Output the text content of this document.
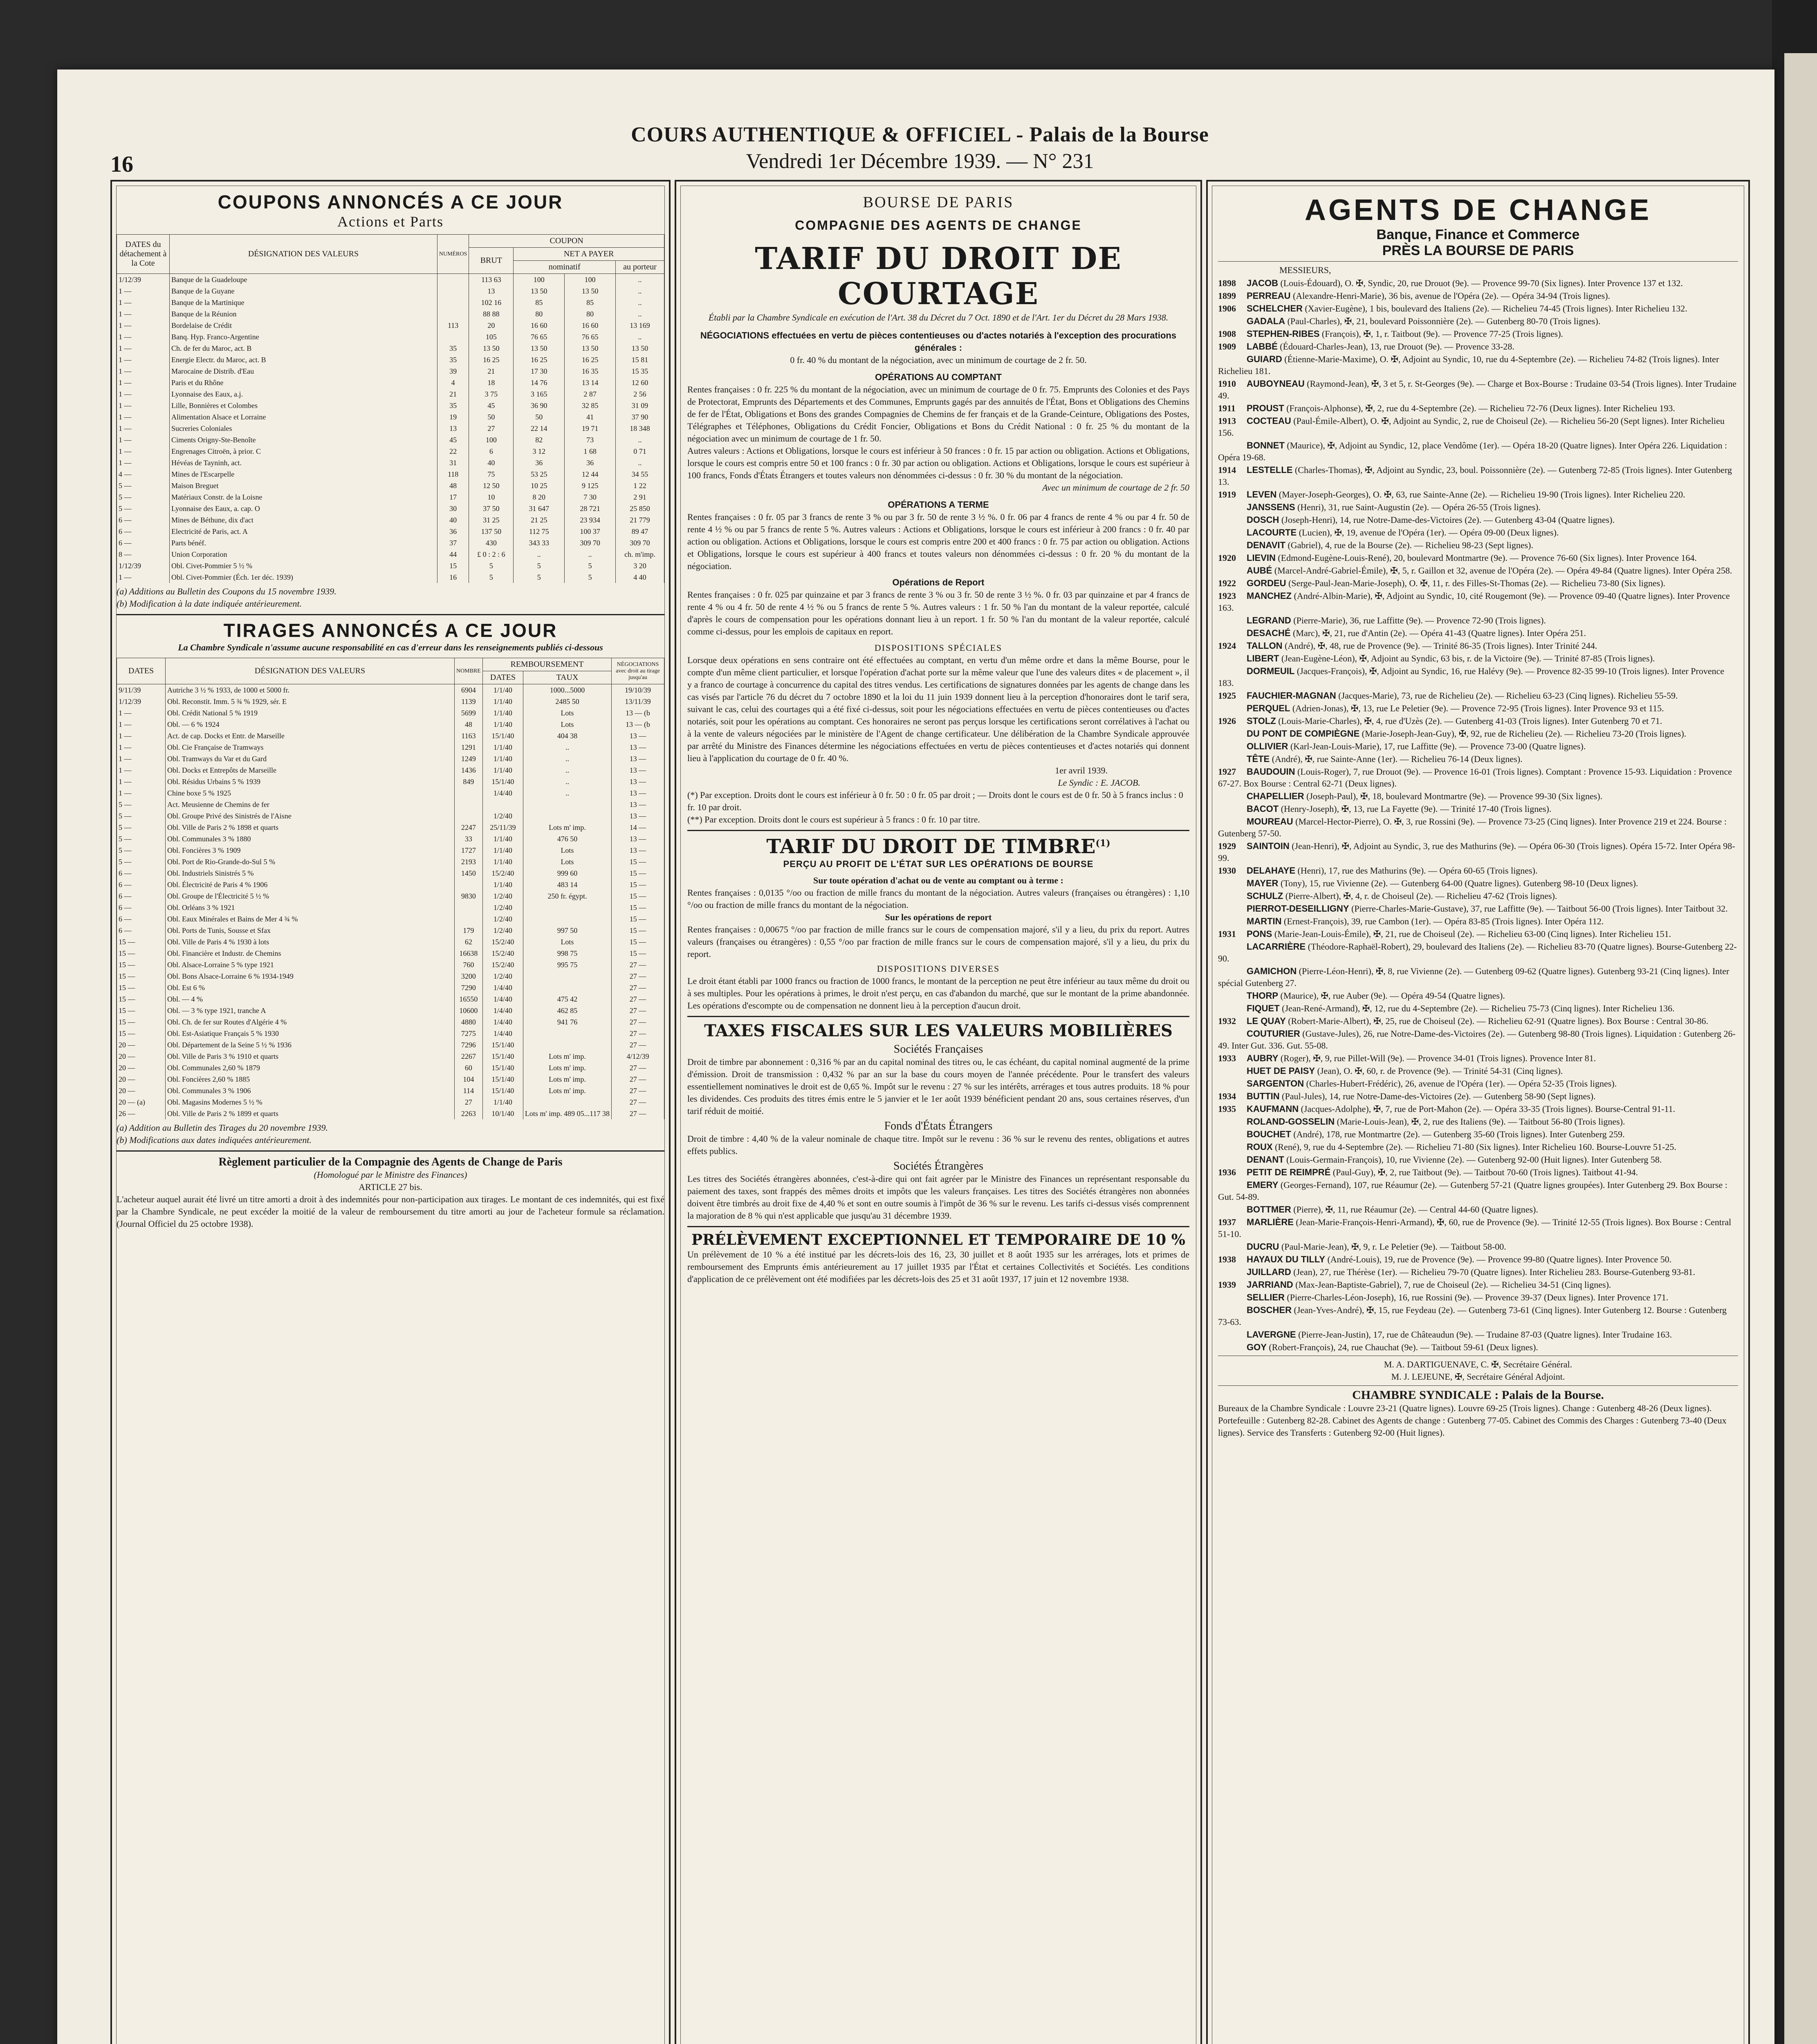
16
COURS AUTHENTIQUE & OFFICIEL - Palais de la Bourse
Vendredi 1er Décembre 1939. — N° 231
COUPONS ANNONCÉS A CE JOUR
Actions et Parts
DATES du détachement à la Cote	DÉSIGNATION DES VALEURS	NUMÉROS	COUPON			
			BRUT	NET A PAYER		
				nominatif		au porteur
1/12/39	Banque de la Guadeloupe		113 63	100	100	..
1 —	Banque de la Guyane		13	13 50	13 50	..
1 —	Banque de la Martinique		102 16	85	85	..
1 —	Banque de la Réunion		88 88	80	80	..
1 —	Bordelaise de Crédit	113	20	16 60	16 60	13 169
1 —	Banq. Hyp. Franco-Argentine		105	76 65	76 65	..
1 —	Ch. de fer du Maroc, act. B	35	13 50	13 50	13 50	13 50
1 —	Energie Electr. du Maroc, act. B	35	16 25	16 25	16 25	15 81
1 —	Marocaine de Distrib. d'Eau	39	21	17 30	16 35	15 35
1 —	Paris et du Rhône	4	18	14 76	13 14	12 60
1 —	Lyonnaise des Eaux, a.j.	21	3 75	3 165	2 87	2 56
1 —	Lille, Bonnières et Colombes	35	45	36 90	32 85	31 09
1 —	Alimentation Alsace et Lorraine	19	50	50	41	37 90
1 —	Sucreries Coloniales	13	27	22 14	19 71	18 348
1 —	Ciments Origny-Ste-Benoîte	45	100	82	73	..
1 —	Engrenages Citroën, à prior. C	22	6	3 12	1 68	0 71
1 —	Hévéas de Tayninh, act.	31	40	36	36	..
4 —	Mines de l'Escarpelle	118	75	53 25	12 44	34 55
5 —	Maison Breguet	48	12 50	10 25	9 125	1 22
5 —	Matériaux Constr. de la Loisne	17	10	8 20	7 30	2 91
5 —	Lyonnaise des Eaux, a. cap. O	30	37 50	31 647	28 721	25 850
6 —	Mines de Béthune, dix d'act	40	31 25	21 25	23 934	21 779
6 —	Electricité de Paris, act. A	36	137 50	112 75	100 37	89 47
6 —	Parts bénéf.	37	430	343 33	309 70	309 70
8 —	Union Corporation	44	£ 0 : 2 : 6	..	..	ch. m'imp.
1/12/39	Obl. Civet-Pommier 5 ½ %	15	5	5	5	3 20
1 —	Obl. Civet-Pommier (Éch. 1er déc. 1939)	16	5	5	5	4 40
(a) Additions au Bulletin des Coupons du 15 novembre 1939.
(b) Modification à la date indiquée antérieurement.
TIRAGES ANNONCÉS A CE JOUR
La Chambre Syndicale n'assume aucune responsabilité en cas d'erreur dans les renseignements publiés ci-dessous
DATES	DÉSIGNATION DES VALEURS	NOMBRE	REMBOURSEMENT		NÉGOCIATIONS avec droit au tirage jusqu'au
			DATES	TAUX	
9/11/39	Autriche 3 ½ % 1933, de 1000 et 5000 fr.	6904	1/1/40	1000...5000	19/10/39
1/12/39	Obl. Reconstit. Imm. 5 ¾ % 1929, sér. E	1139	1/1/40	2485 50	13/11/39
1 —	Obl. Crédit National 5 % 1919	5699	1/1/40	Lots	13 — (b
1 —	Obl. — 6 % 1924	48	1/1/40	Lots	13 — (b
1 —	Act. de cap. Docks et Entr. de Marseille	1163	15/1/40	404 38	13 —
1 —	Obl. Cie Française de Tramways	1291	1/1/40	..	13 —
1 —	Obl. Tramways du Var et du Gard	1249	1/1/40	..	13 —
1 —	Obl. Docks et Entrepôts de Marseille	1436	1/1/40	..	13 —
1 —	Obl. Résidus Urbains 5 % 1939	849	15/1/40	..	13 —
1 —	Chine boxe 5 % 1925		1/4/40	..	13 —
5 —	Act. Meusienne de Chemins de fer				13 —
5 —	Obl. Groupe Privé des Sinistrés de l'Aisne		1/2/40		13 —
5 —	Obl. Ville de Paris 2 % 1898 et quarts	2247	25/11/39	Lots m' imp.	14 —
5 —	Obl. Communales 3 % 1880	33	1/1/40	476 50	13 —
5 —	Obl. Foncières 3 % 1909	1727	1/1/40	Lots	13 —
5 —	Obl. Port de Rio-Grande-do-Sul 5 %	2193	1/1/40	Lots	15 —
6 —	Obl. Industriels Sinistrés 5 %	1450	15/2/40	999 60	15 —
6 —	Obl. Électricité de Paris 4 % 1906		1/1/40	483 14	15 —
6 —	Obl. Groupe de l'Électricité 5 ½ %	9830	1/2/40	250 fr. égypt.	15 —
6 —	Obl. Orléans 3 % 1921		1/2/40		15 —
6 —	Obl. Eaux Minérales et Bains de Mer 4 ¾ %		1/2/40		15 —
6 —	Obl. Ports de Tunis, Sousse et Sfax	179	1/2/40	997 50	15 —
15 —	Obl. Ville de Paris 4 % 1930 à lots	62	15/2/40	Lots	15 —
15 —	Obl. Financière et Industr. de Chemins	16638	15/2/40	998 75	15 —
15 —	Obl. Alsace-Lorraine 5 % type 1921	760	15/2/40	995 75	27 —
15 —	Obl. Bons Alsace-Lorraine 6 % 1934-1949	3200	1/2/40		27 —
15 —	Obl. Est 6 %	7290	1/4/40		27 —
15 —	Obl. — 4 %	16550	1/4/40	475 42	27 —
15 —	Obl. — 3 % type 1921, tranche A	10600	1/4/40	462 85	27 —
15 —	Obl. Ch. de fer sur Routes d'Algérie 4 %	4880	1/4/40	941 76	27 —
15 —	Obl. Est-Asiatique Français 5 % 1930	7275	1/4/40		27 —
20 —	Obl. Département de la Seine 5 ½ % 1936	7296	15/1/40		27 —
20 —	Obl. Ville de Paris 3 % 1910 et quarts	2267	15/1/40	Lots m' imp.	4/12/39
20 —	Obl. Communales 2,60 % 1879	60	15/1/40	Lots m' imp.	27 —
20 —	Obl. Foncières 2,60 % 1885	104	15/1/40	Lots m' imp.	27 —
20 —	Obl. Communales 3 % 1906	114	15/1/40	Lots m' imp.	27 —
20 — (a)	Obl. Magasins Modernes 5 ½ %	27	1/1/40		27 —
26 —	Obl. Ville de Paris 2 % 1899 et quarts	2263	10/1/40	Lots m' imp. 489 05...117 38	27 —
(a) Addition au Bulletin des Tirages du 20 novembre 1939.
(b) Modifications aux dates indiquées antérieurement.
Règlement particulier de la Compagnie des Agents de Change de Paris
(Homologué par le Ministre des Finances)
ARTICLE 27 bis.
L'acheteur auquel aurait été livré un titre amorti a droit à des indemnités pour non-participation aux tirages. Le montant de ces indemnités, qui est fixé par la Chambre Syndicale, ne peut excéder la moitié de la valeur de remboursement du titre amorti au jour de l'acheteur formule sa réclamation. (Journal Officiel du 25 octobre 1938).
BOURSE DE PARIS
COMPAGNIE DES AGENTS DE CHANGE
TARIF DU DROIT DE COURTAGE
Établi par la Chambre Syndicale en exécution de l'Art. 38 du Décret du 7 Oct. 1890 et de l'Art. 1er du Décret du 28 Mars 1938.
NÉGOCIATIONS effectuées en vertu de pièces contentieuses ou d'actes notariés à l'exception des procurations générales :
0 fr. 40 % du montant de la négociation, avec un minimum de courtage de 2 fr. 50.
OPÉRATIONS AU COMPTANT
Rentes françaises : 0 fr. 225 % du montant de la négociation, avec un minimum de courtage de 0 fr. 75. Emprunts des Colonies et des Pays de Protectorat, Emprunts des Départements et des Communes, Emprunts gagés par des annuités de l'État, Bons et Obligations des Chemins de fer de l'État, Obligations et Bons des grandes Compagnies de Chemins de fer français et de la Grande-Ceinture, Obligations des Postes, Télégraphes et Téléphones, Obligations du Crédit Foncier, Obligations et Bons du Crédit National : 0 fr. 25 % du montant de la négociation avec un minimum de courtage de 1 fr. 50.
Autres valeurs : Actions et Obligations, lorsque le cours est inférieur à 50 frances : 0 fr. 15 par action ou obligation. Actions et Obligations, lorsque le cours est compris entre 50 et 100 francs : 0 fr. 30 par action ou obligation. Actions et Obligations, lorsque le cours est supérieur à 100 francs, Fonds d'États Étrangers et toutes valeurs non dénommées ci-dessus : 0 fr. 30 % du montant de la négociation.
Avec un minimum de courtage de 2 fr. 50
OPÉRATIONS A TERME
Rentes françaises : 0 fr. 05 par 3 francs de rente 3 % ou par 3 fr. 50 de rente 3 ½ %. 0 fr. 06 par 4 francs de rente 4 % ou par 4 fr. 50 de rente 4 ½ % ou par 5 francs de rente 5 %. Autres valeurs : Actions et Obligations, lorsque le cours est inférieur à 200 francs : 0 fr. 40 par action ou obligation. Actions et Obligations, lorsque le cours est compris entre 200 et 400 francs : 0 fr. 75 par action ou obligation. Actions et Obligations, lorsque le cours est supérieur à 400 francs et toutes valeurs non dénommées ci-dessus : 0 fr. 20 % du montant de la négociation.
Opérations de Report
Rentes françaises : 0 fr. 025 par quinzaine et par 3 francs de rente 3 % ou 3 fr. 50 de rente 3 ½ %. 0 fr. 03 par quinzaine et par 4 francs de rente 4 % ou 4 fr. 50 de rente 4 ½ % ou 5 francs de rente 5 %. Autres valeurs : 1 fr. 50 % l'an du montant de la valeur reportée, calculé d'après le cours de compensation pour les opérations donnant lieu à un report. 1 fr. 50 % l'an du montant de la valeur reportée, calculé comme ci-dessus, pour les emplois de capitaux en report.
DISPOSITIONS SPÉCIALES
Lorsque deux opérations en sens contraire ont été effectuées au comptant, en vertu d'un même ordre et dans la même Bourse, pour le compte d'un même client particulier, et lorsque l'opération d'achat porte sur la même valeur que l'une des valeurs dites « de placement », il y a franco de courtage à concurrence du capital des titres vendus. Les certifications de signatures données par les agents de change dans les cas visés par l'article 76 du décret du 7 octobre 1890 et la loi du 11 juin 1939 donnent lieu à la perception d'honoraires dont le tarif sera, suivant le cas, celui des courtages qui a été fixé ci-dessus, soit pour les négociations effectuées en vertu de pièces contentieuses ou d'actes notariés, soit pour les opérations au comptant. Ces honoraires ne seront pas perçus lorsque les certifications seront corrélatives à l'achat ou à la vente de valeurs négociées par le ministère de l'Agent de change certificateur. Une délibération de la Chambre Syndicale approuvée par arrêté du Ministre des Finances détermine les négociations effectuées en vertu de pièces contentieuses et d'actes notariés qui donnent lieu à l'application du courtage de 0 fr. 40 %.
1er avril 1939.
Le Syndic : E. JACOB.
(*) Par exception. Droits dont le cours est inférieur à 0 fr. 50 : 0 fr. 05 par droit ; — Droits dont le cours est de 0 fr. 50 à 5 francs inclus : 0 fr. 10 par droit.
(**) Par exception. Droits dont le cours est supérieur à 5 francs : 0 fr. 10 par titre.
TARIF DU DROIT DE TIMBRE$^{(1)}$
PERÇU AU PROFIT DE L'ÉTAT SUR LES OPÉRATIONS DE BOURSE
Sur toute opération d'achat ou de vente au comptant ou à terme :
Rentes françaises : 0,0135 °/oo ou fraction de mille francs du montant de la négociation. Autres valeurs (françaises ou étrangères) : 1,10 °/oo ou fraction de mille francs du montant de la négociation.
Sur les opérations de report
Rentes françaises : 0,00675 °/oo par fraction de mille francs sur le cours de compensation majoré, s'il y a lieu, du prix du report. Autres valeurs (françaises ou étrangères) : 0,55 °/oo par fraction de mille francs sur le cours de compensation majoré, s'il y a lieu, du prix du report.
DISPOSITIONS DIVERSES
Le droit étant établi par 1000 francs ou fraction de 1000 francs, le montant de la perception ne peut être inférieur au taux même du droit ou à ses multiples. Pour les opérations à primes, le droit n'est perçu, en cas d'abandon du marché, que sur le montant de la prime abandonnée. Les opérations d'escompte ou de compensation ne donnent lieu à la perception d'aucun droit.
TAXES FISCALES SUR LES VALEURS MOBILIÈRES
Sociétés Françaises
Droit de timbre par abonnement : 0,316 % par an du capital nominal des titres ou, le cas échéant, du capital nominal augmenté de la prime d'émission. Droit de transmission : 0,432 % par an sur la base du cours moyen de l'année précédente. Pour le transfert des valeurs essentiellement nominatives le droit est de 0,65 %. Impôt sur le revenu : 27 % sur les intérêts, arrérages et tous autres produits. 18 % pour les dividendes. Ces produits des titres émis entre le 5 janvier et le 1er août 1939 bénéficient pendant 20 ans, sous certaines réserves, d'un tarif réduit de moitié.
Fonds d'États Étrangers
Droit de timbre : 4,40 % de la valeur nominale de chaque titre. Impôt sur le revenu : 36 % sur le revenu des rentes, obligations et autres effets publics.
Sociétés Étrangères
Les titres des Sociétés étrangères abonnées, c'est-à-dire qui ont fait agréer par le Ministre des Finances un représentant responsable du paiement des taxes, sont frappés des mêmes droits et impôts que les valeurs françaises. Les titres des Sociétés étrangères non abonnées doivent être timbrés au droit fixe de 4,40 % et sont en outre soumis à l'impôt de 36 % sur le revenu. Les tarifs ci-dessus visés comprennent la majoration de 8 % qui n'est applicable que jusqu'au 31 décembre 1939.
PRÉLÈVEMENT EXCEPTIONNEL ET TEMPORAIRE DE 10 %
Un prélèvement de 10 % a été institué par les décrets-lois des 16, 23, 30 juillet et 8 août 1935 sur les arrérages, lots et primes de remboursement des Emprunts émis antérieurement au 17 juillet 1935 par l'État et certaines Collectivités et Sociétés. Les conditions d'application de ce prélèvement ont été modifiées par les décrets-lois des 25 et 31 août 1937, 17 juin et 12 novembre 1938.
AGENTS DE CHANGE
Banque, Finance et Commerce
PRÈS LA BOURSE DE PARIS
MESSIEURS,
1898 JACOB (Louis-Édouard), O. ✠, Syndic, 20, rue Drouot (9e). — Provence 99-70 (Six lignes). Inter Provence 137 et 132.
1899 PERREAU (Alexandre-Henri-Marie), 36 bis, avenue de l'Opéra (2e). — Opéra 34-94 (Trois lignes).
1906 SCHELCHER (Xavier-Eugène), 1 bis, boulevard des Italiens (2e). — Richelieu 74-45 (Trois lignes). Inter Richelieu 132.
GADALA (Paul-Charles), ✠, 21, boulevard Poissonnière (2e). — Gutenberg 80-70 (Trois lignes).
1908 STEPHEN-RIBES (François), ✠, 1, r. Taitbout (9e). — Provence 77-25 (Trois lignes).
1909 LABBÉ (Édouard-Charles-Jean), 13, rue Drouot (9e). — Provence 33-28.
GUIARD (Étienne-Marie-Maxime), O. ✠, Adjoint au Syndic, 10, rue du 4-Septembre (2e). — Richelieu 74-82 (Trois lignes). Inter Richelieu 181.
1910 AUBOYNEAU (Raymond-Jean), ✠, 3 et 5, r. St-Georges (9e). — Charge et Box-Bourse : Trudaine 03-54 (Trois lignes). Inter Trudaine 49.
1911 PROUST (François-Alphonse), ✠, 2, rue du 4-Septembre (2e). — Richelieu 72-76 (Deux lignes). Inter Richelieu 193.
1913 COCTEAU (Paul-Émile-Albert), O. ✠, Adjoint au Syndic, 2, rue de Choiseul (2e). — Richelieu 56-20 (Sept lignes). Inter Richelieu 156.
BONNET (Maurice), ✠, Adjoint au Syndic, 12, place Vendôme (1er). — Opéra 18-20 (Quatre lignes). Inter Opéra 226. Liquidation : Opéra 19-68.
1914 LESTELLE (Charles-Thomas), ✠, Adjoint au Syndic, 23, boul. Poissonnière (2e). — Gutenberg 72-85 (Trois lignes). Inter Gutenberg 13.
1919 LEVEN (Mayer-Joseph-Georges), O. ✠, 63, rue Sainte-Anne (2e). — Richelieu 19-90 (Trois lignes). Inter Richelieu 220.
JANSSENS (Henri), 31, rue Saint-Augustin (2e). — Opéra 26-55 (Trois lignes).
DOSCH (Joseph-Henri), 14, rue Notre-Dame-des-Victoires (2e). — Gutenberg 43-04 (Quatre lignes).
LACOURTE (Lucien), ✠, 19, avenue de l'Opéra (1er). — Opéra 09-00 (Deux lignes).
DENAVIT (Gabriel), 4, rue de la Bourse (2e). — Richelieu 98-23 (Sept lignes).
1920 LIEVIN (Edmond-Eugène-Louis-René), 20, boulevard Montmartre (9e). — Provence 76-60 (Six lignes). Inter Provence 164.
AUBÉ (Marcel-André-Gabriel-Émile), ✠, 5, r. Gaillon et 32, avenue de l'Opéra (2e). — Opéra 49-84 (Quatre lignes). Inter Opéra 258.
1922 GORDEU (Serge-Paul-Jean-Marie-Joseph), O. ✠, 11, r. des Filles-St-Thomas (2e). — Richelieu 73-80 (Six lignes).
1923 MANCHEZ (André-Albin-Marie), ✠, Adjoint au Syndic, 10, cité Rougemont (9e). — Provence 09-40 (Quatre lignes). Inter Provence 163.
LEGRAND (Pierre-Marie), 36, rue Laffitte (9e). — Provence 72-90 (Trois lignes).
DESACHÉ (Marc), ✠, 21, rue d'Antin (2e). — Opéra 41-43 (Quatre lignes). Inter Opéra 251.
1924 TALLON (André), ✠, 48, rue de Provence (9e). — Trinité 86-35 (Trois lignes). Inter Trinité 244.
LIBERT (Jean-Eugène-Léon), ✠, Adjoint au Syndic, 63 bis, r. de la Victoire (9e). — Trinité 87-85 (Trois lignes).
DORMEUIL (Jacques-François), ✠, Adjoint au Syndic, 16, rue Halévy (9e). — Provence 82-35 99-10 (Trois lignes). Inter Provence 183.
1925 FAUCHIER-MAGNAN (Jacques-Marie), 73, rue de Richelieu (2e). — Richelieu 63-23 (Cinq lignes). Richelieu 55-59.
PERQUEL (Adrien-Jonas), ✠, 13, rue Le Peletier (9e). — Provence 72-95 (Trois lignes). Inter Provence 93 et 115.
1926 STOLZ (Louis-Marie-Charles), ✠, 4, rue d'Uzès (2e). — Gutenberg 41-03 (Trois lignes). Inter Gutenberg 70 et 71.
DU PONT DE COMPIÈGNE (Marie-Joseph-Jean-Guy), ✠, 92, rue de Richelieu (2e). — Richelieu 73-20 (Trois lignes).
OLLIVIER (Karl-Jean-Louis-Marie), 17, rue Laffitte (9e). — Provence 73-00 (Quatre lignes).
TÊTE (André), ✠, rue Sainte-Anne (1er). — Richelieu 76-14 (Deux lignes).
1927 BAUDOUIN (Louis-Roger), 7, rue Drouot (9e). — Provence 16-01 (Trois lignes). Comptant : Provence 15-93. Liquidation : Provence 67-27. Box Bourse : Central 62-71 (Deux lignes).
CHAPELLIER (Joseph-Paul), ✠, 18, boulevard Montmartre (9e). — Provence 99-30 (Six lignes).
BACOT (Henry-Joseph), ✠, 13, rue La Fayette (9e). — Trinité 17-40 (Trois lignes).
MOUREAU (Marcel-Hector-Pierre), O. ✠, 3, rue Rossini (9e). — Provence 73-25 (Cinq lignes). Inter Provence 219 et 224. Bourse : Gutenberg 57-50.
1929 SAINTOIN (Jean-Henri), ✠, Adjoint au Syndic, 3, rue des Mathurins (9e). — Opéra 06-30 (Trois lignes). Opéra 15-72. Inter Opéra 98-99.
1930 DELAHAYE (Henri), 17, rue des Mathurins (9e). — Opéra 60-65 (Trois lignes).
MAYER (Tony), 15, rue Vivienne (2e). — Gutenberg 64-00 (Quatre lignes). Gutenberg 98-10 (Deux lignes).
SCHULZ (Pierre-Albert), ✠, 4, r. de Choiseul (2e). — Richelieu 47-62 (Trois lignes).
PIERROT-DESEILLIGNY (Pierre-Charles-Marie-Gustave), 37, rue Laffitte (9e). — Taitbout 56-00 (Trois lignes). Inter Taitbout 32.
MARTIN (Ernest-François), 39, rue Cambon (1er). — Opéra 83-85 (Trois lignes). Inter Opéra 112.
1931 PONS (Marie-Jean-Louis-Émile), ✠, 21, rue de Choiseul (2e). — Richelieu 63-00 (Cinq lignes). Inter Richelieu 151.
LACARRIÈRE (Théodore-Raphaël-Robert), 29, boulevard des Italiens (2e). — Richelieu 83-70 (Quatre lignes). Bourse-Gutenberg 22-90.
GAMICHON (Pierre-Léon-Henri), ✠, 8, rue Vivienne (2e). — Gutenberg 09-62 (Quatre lignes). Gutenberg 93-21 (Cinq lignes). Inter spécial Gutenberg 27.
THORP (Maurice), ✠, rue Auber (9e). — Opéra 49-54 (Quatre lignes).
FIQUET (Jean-René-Armand), ✠, 12, rue du 4-Septembre (2e). — Richelieu 75-73 (Cinq lignes). Inter Richelieu 136.
1932 LE QUAY (Robert-Marie-Albert), ✠, 25, rue de Choiseul (2e). — Richelieu 62-91 (Quatre lignes). Box Bourse : Central 30-86.
COUTURIER (Gustave-Jules), 26, rue Notre-Dame-des-Victoires (2e). — Gutenberg 98-80 (Trois lignes). Liquidation : Gutenberg 26-49. Inter Gut. 336. Gut. 55-08.
1933 AUBRY (Roger), ✠, 9, rue Pillet-Will (9e). — Provence 34-01 (Trois lignes). Provence Inter 81.
HUET DE PAISY (Jean), O. ✠, 60, r. de Provence (9e). — Trinité 54-31 (Cinq lignes).
SARGENTON (Charles-Hubert-Frédéric), 26, avenue de l'Opéra (1er). — Opéra 52-35 (Trois lignes).
1934 BUTTIN (Paul-Jules), 14, rue Notre-Dame-des-Victoires (2e). — Gutenberg 58-90 (Sept lignes).
1935 KAUFMANN (Jacques-Adolphe), ✠, 7, rue de Port-Mahon (2e). — Opéra 33-35 (Trois lignes). Bourse-Central 91-11.
ROLAND-GOSSELIN (Marie-Louis-Jean), ✠, 2, rue des Italiens (9e). — Taitbout 56-80 (Trois lignes).
BOUCHET (André), 178, rue Montmartre (2e). — Gutenberg 35-60 (Trois lignes). Inter Gutenberg 259.
ROUX (René), 9, rue du 4-Septembre (2e). — Richelieu 71-80 (Six lignes). Inter Richelieu 160. Bourse-Louvre 51-25.
DENANT (Louis-Germain-François), 10, rue Vivienne (2e). — Gutenberg 92-00 (Huit lignes). Inter Gutenberg 58.
1936 PETIT DE REIMPRÉ (Paul-Guy), ✠, 2, rue Taitbout (9e). — Taitbout 70-60 (Trois lignes). Taitbout 41-94.
EMERY (Georges-Fernand), 107, rue Réaumur (2e). — Gutenberg 57-21 (Quatre lignes groupées). Inter Gutenberg 29. Box Bourse : Gut. 54-89.
BOTTMER (Pierre), ✠, 11, rue Réaumur (2e). — Central 44-60 (Quatre lignes).
1937 MARLIÈRE (Jean-Marie-François-Henri-Armand), ✠, 60, rue de Provence (9e). — Trinité 12-55 (Trois lignes). Box Bourse : Central 51-10.
DUCRU (Paul-Marie-Jean), ✠, 9, r. Le Peletier (9e). — Taitbout 58-00.
1938 HAYAUX DU TILLY (André-Louis), 19, rue de Provence (9e). — Provence 99-80 (Quatre lignes). Inter Provence 50.
JUILLARD (Jean), 27, rue Thérèse (1er). — Richelieu 79-70 (Quatre lignes). Inter Richelieu 283. Bourse-Gutenberg 93-81.
1939 JARRIAND (Max-Jean-Baptiste-Gabriel), 7, rue de Choiseul (2e). — Richelieu 34-51 (Cinq lignes).
SELLIER (Pierre-Charles-Léon-Joseph), 16, rue Rossini (9e). — Provence 39-37 (Deux lignes). Inter Provence 171.
BOSCHER (Jean-Yves-André), ✠, 15, rue Feydeau (2e). — Gutenberg 73-61 (Cinq lignes). Inter Gutenberg 12. Bourse : Gutenberg 73-63.
LAVERGNE (Pierre-Jean-Justin), 17, rue de Châteaudun (9e). — Trudaine 87-03 (Quatre lignes). Inter Trudaine 163.
GOY (Robert-François), 24, rue Chauchat (9e). — Taitbout 59-61 (Deux lignes).
M. A. DARTIGUENAVE, C. ✠, Secrétaire Général.
M. J. LEJEUNE, ✠, Secrétaire Général Adjoint.
CHAMBRE SYNDICALE : Palais de la Bourse.
Bureaux de la Chambre Syndicale : Louvre 23-21 (Quatre lignes). Louvre 69-25 (Trois lignes). Change : Gutenberg 48-26 (Deux lignes). Portefeuille : Gutenberg 82-28. Cabinet des Agents de change : Gutenberg 77-05. Cabinet des Commis des Charges : Gutenberg 73-40 (Deux lignes). Service des Transferts : Gutenberg 92-00 (Huit lignes).
